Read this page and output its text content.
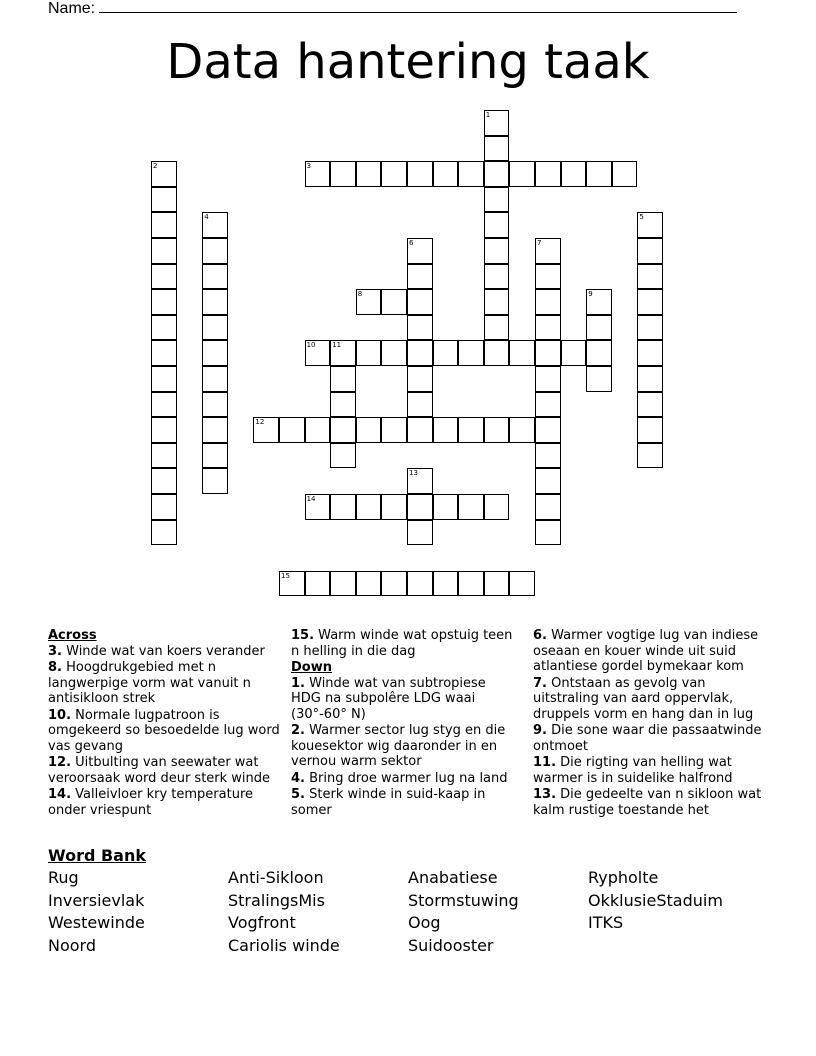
Name:
Data hantering taak
1
2
4	5
6	7
9
11
13
3
8
10
12
14
15
Across
3. Winde wat van koers verander
8. Hoogdrukgebied met n langwerpige vorm wat vanuit n antisikloon strek
10. Normale lugpatroon is omgekeerd so besoedelde lug word vas gevang
12. Uitbulting van seewater wat veroorsaak word deur sterk winde
14. Valleivloer kry temperature onder vriespunt
15. Warm winde wat opstuig teen n helling in die dag
Down
1. Winde wat van subtropiese HDG na subpolêre LDG waai (30°-60° N)
2. Warmer sector lug styg en die kouesektor wig daaronder in en vernou warm sektor
4. Bring droe warmer lug na land
5. Sterk winde in suid-kaap in somer
6. Warmer vogtige lug van indiese oseaan en kouer winde uit suid atlantiese gordel bymekaar kom
7. Ontstaan as gevolg van uitstraling van aard oppervlak, druppels vorm en hang dan in lug
9. Die sone waar die passaatwinde ontmoet
11. Die rigting van helling wat warmer is in suidelike halfrond
13. Die gedeelte van n sikloon wat kalm rustige toestande het
Word Bank
Rug	Anti-Sikloon	Anabatiese	Rypholte
Inversievlak	StralingsMis	Stormstuwing	OkklusieStaduim
Westewinde	Vogfront	Oog	ITKS
Noord	Cariolis winde	Suidooster
